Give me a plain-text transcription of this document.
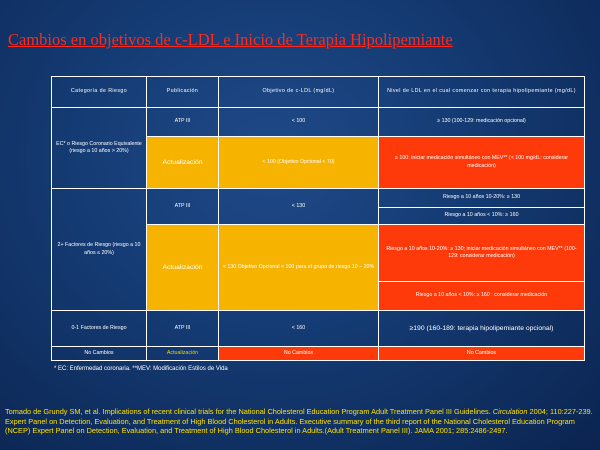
Cambios en objetivos de c-LDL e Inicio de Terapia Hipolipemiante
Categoría de Riesgo	Publicación	Objetivo de c-LDL (mg/dL)	Nivel de LDL en el cual comenzar con terapia hipolipemiante (mg/dL)
EC* o Riesgo Coronario Equivalente (riesgo a 10 años > 20%)	ATP III	< 100	≥ 130 (100-129: medicación opcional)
	Actualización	< 100 (Objetivo Opcional < 70)	≥ 100: iniciar medicación simultáneo con MEV** (< 100 mg/dL: considerar medicación)
2+ Factores de Riesgo (riesgo a 10 años ≤ 20%)	ATP III	< 130	Riesgo a 10 años 10-20%: ≥ 130
			Riesgo a 10 años < 10%: ≥ 160
	Actualización	< 130 Objetivo Opcional < 100 para el grupo de riesgo 10 – 20%	Riesgo a 10 años 10-20%: ≥ 130; iniciar medicación simultáneo con MEV** (100-129: considerar medicación)
			Riesgo a 10 años < 10%: ≥ 160 : considerar medicación
0-1 Factores de Riesgo	ATP III	< 160	≥190 (160-189: terapia hipolipemiante opcional)
No Cambios	Actualización	No Cambios	No Cambios
* EC: Enfermedad coronaria. **MEV: Modificación Estilos de Vida
Tomado de Grundy SM, et al. Implications of recent clinical trials for the National Cholesterol Education Program Adult Treatment Panel III Guidelines. Circulation 2004; 110:227-239. Expert Panel on Detection, Evaluation, and Treatment of High Blood Cholesterol in Adults. Executive summary of the third report of the National Cholesterol Education Program (NCEP) Expert Panel on Detection, Evaluation, and Treatment of High Blood Cholesterol in Adults.(Adult Treatment Panel III). JAMA 2001; 285:2486-2497.
